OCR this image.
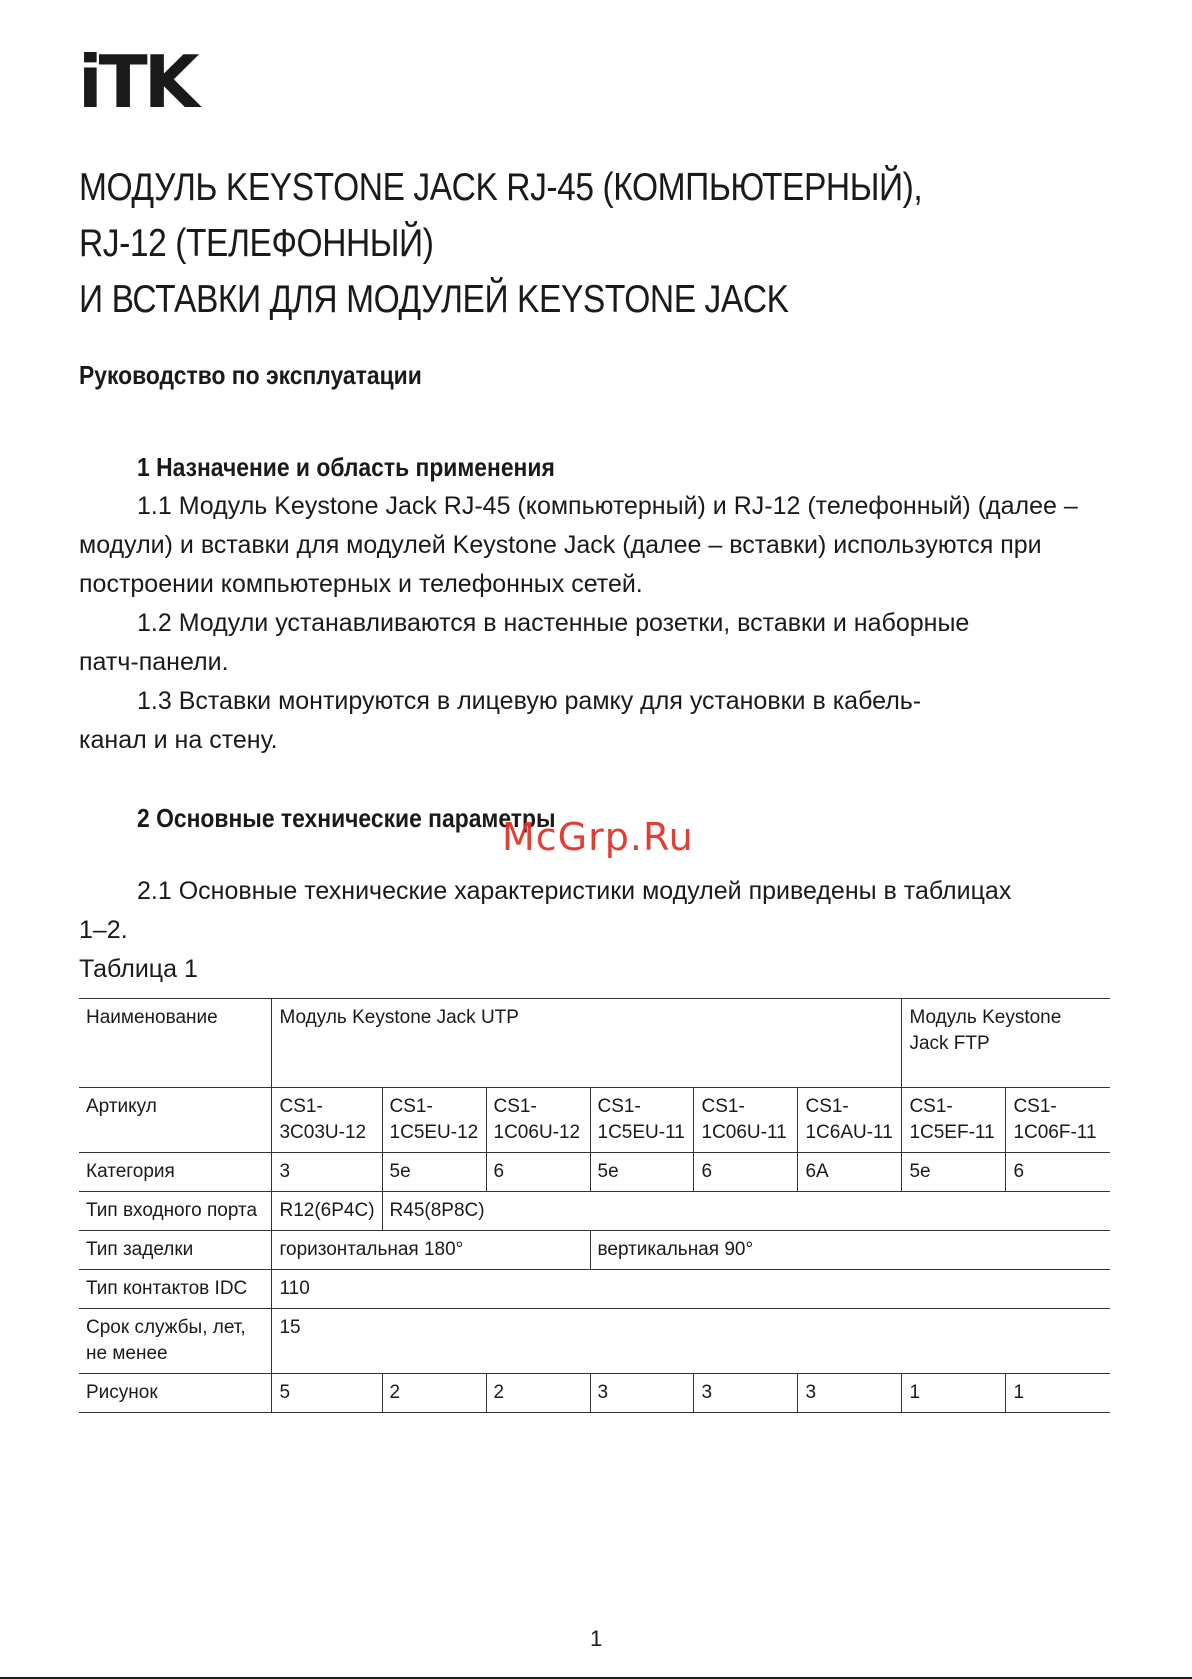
iTK
МОДУЛЬ KEYSTONE JACK RJ-45 (КОМПЬЮТЕРНЫЙ),
RJ-12 (ТЕЛЕФОННЫЙ)
И ВСТАВКИ ДЛЯ МОДУЛЕЙ KEYSTONE JACK
Руководство по эксплуатации
1 Назначение и область применения

1.1 Модуль Keystone Jack RJ-45 (компьютерный) и RJ-12 (телефонный) (далее – модули) и вставки для модулей Keystone Jack (далее – вставки) используются при построении компьютерных и телефонных сетей.

1.2 Модули устанавливаются в настенные розетки, вставки и наборные патч-панели.

1.3 Вставки монтируются в лицевую рамку для установки в кабель-канал и на стену.

2 Основные технические параметры

2.1 Основные технические характеристики модулей приведены в таблицах 1–2.

McGrp.Ru
Таблица 1
Наименование	Модуль Keystone Jack UTP						Модуль Keystone Jack FTP	
Артикул	CS1-3C03U-12	CS1-1C5EU-12	CS1-1C06U-12	CS1-1C5EU-11	CS1-1C06U-11	CS1-1C6AU-11	CS1-1C5EF-11	CS1-1C06F-11
Категория	3	5e	6	5e	6	6A	5e	6
Тип входного порта	R12(6P4C)	R45(8P8C)						
Тип заделки	горизонтальная 180°			вертикальная 90°				
Тип контактов IDC	110							
Срок службы, лет, не менее	15							
Рисунок	5	2	2	3	3	3	1	1
1
